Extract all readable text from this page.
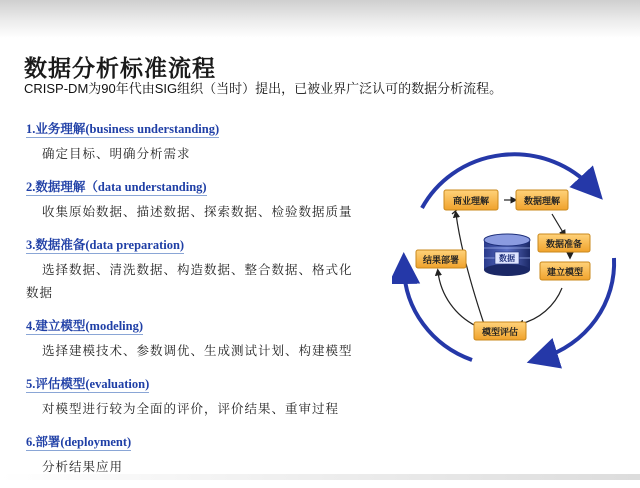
数据分析标准流程
CRISP-DM为90年代由SIG组织（当时）提出，已被业界广泛认可的数据分析流程。
1.业务理解(business understanding)
确定目标、明确分析需求
2.数据理解（data understanding)
收集原始数据、描述数据、探索数据、检验数据质量
3.数据准备(data preparation)
选择数据、清洗数据、构造数据、整合数据、格式化
数据
4.建立模型(modeling)
选择建模技术、参数调优、生成测试计划、构建模型
5.评估模型(evaluation)
对模型进行较为全面的评价，评价结果、重审过程
6.部署(deployment)
分析结果应用
商业理解	数据理解
数据准备
建立模型
模型评估
结果部署	数据
